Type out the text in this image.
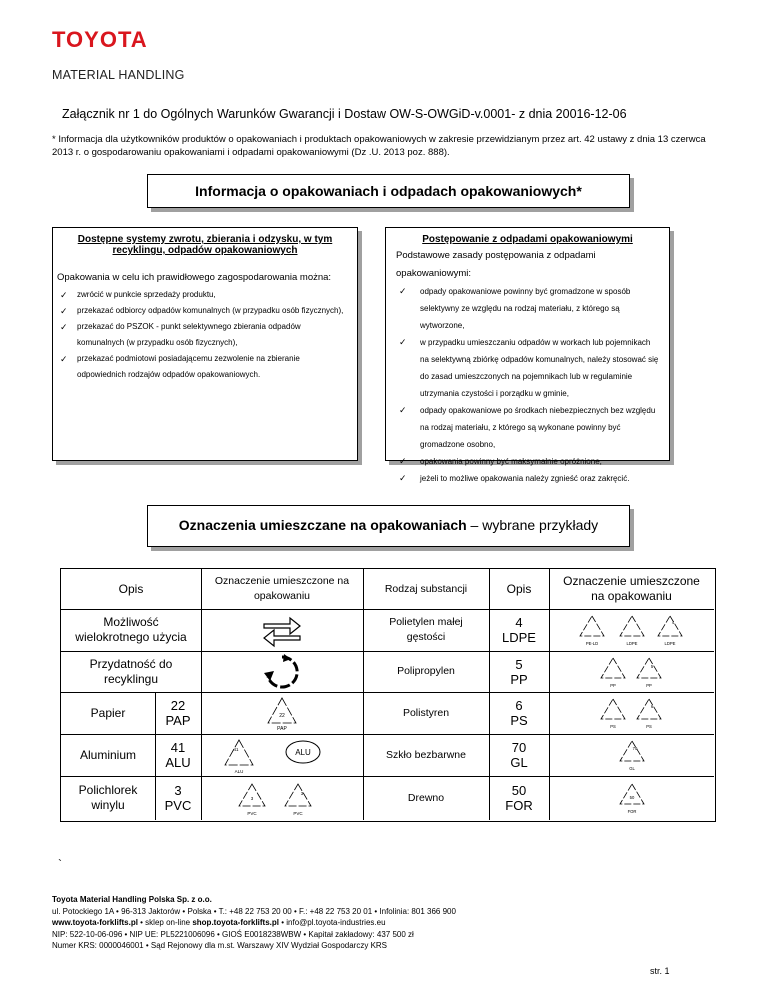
TOYOTA
MATERIAL HANDLING
Załącznik nr 1 do Ogólnych Warunków Gwarancji i Dostaw OW-S-OWGiD-v.0001- z dnia 20016-12-06
* Informacja dla użytkowników produktów o opakowaniach i produktach opakowaniowych w zakresie przewidzianym przez art. 42 ustawy z dnia 13 czerwca 2013 r. o gospodarowaniu opakowaniami i odpadami opakowaniowymi (Dz .U. 2013 poz. 888).
Informacja o opakowaniach i odpadach opakowaniowych*
Dostępne systemy zwrotu, zbierania i odzysku, w tym recyklingu, odpadów opakowaniowych
Opakowania w celu ich prawidłowego zagospodarowania można:
✓ zwrócić w punkcie sprzedaży produktu,
✓ przekazać odbiorcy odpadów komunalnych (w przypadku osób fizycznych),
✓ przekazać do PSZOK - punkt selektywnego zbierania odpadów komunalnych (w przypadku osób fizycznych),
✓ przekazać podmiotowi posiadającemu zezwolenie na zbieranie odpowiednich rodzajów odpadów opakowaniowych.
Postępowanie z odpadami opakowaniowymi
Podstawowe zasady postępowania z odpadami opakowaniowymi:
✓ odpady opakowaniowe powinny być gromadzone w sposób selektywny ze względu na rodzaj materiału, z którego są wytworzone,
✓ w przypadku umieszczaniu odpadów w workach lub pojemnikach na selektywną zbiórkę odpadów komunalnych, należy stosować się do zasad umieszczonych na pojemnikach lub w regulaminie utrzymania czystości i porządku w gminie,
✓ odpady opakowaniowe po środkach niebezpiecznych bez względu na rodzaj materiału, z którego są wykonane powinny być gromadzone osobno,
✓ opakowania powinny być maksymalnie opróżnione,
✓ jeżeli to możliwe opakowania należy zgnieść oraz zakręcić.
Oznaczenia umieszczane na opakowaniach – wybrane przykłady
Opis
Oznaczenie umieszczone na opakowaniu
Rodzaj substancji	Opis
Oznaczenie umieszczone na opakowaniu
Możliwość wielokrotnego użycia
Przydatność do recyklingu
Papier
Aluminium
Polichlorek winylu
22
PAP
41
ALU
3
PVC
22
PAP
41
ALU
ALU
3
PVC
3
PVC
Polietylen małej gęstości
Polipropylen
Polistyren
Szkło bezbarwne
Drewno
4
LDPE
5
PP
6
PS
70
GL
50
FOR
PE-LD	LDPE
4
LDPE
PP
5
PP
PS
6
PS
70
GL
50
FOR
`
Toyota Material Handling Polska Sp. z o.o.
ul. Potockiego 1A • 96-313 Jaktorów • Polska • T.: +48 22 753 20 00 • F.: +48 22 753 20 01 • Infolinia: 801 366 900
www.toyota-forklifts.pl • sklep on-line shop.toyota-forklifts.pl • info@pl.toyota-industries.eu
NIP: 522-10-06-096 • NIP UE: PL5221006096 • GIOŚ E0018238WBW • Kapitał zakładowy: 437 500 zł
Numer KRS: 0000046001 • Sąd Rejonowy dla m.st. Warszawy XIV Wydział Gospodarczy KRS
str. 1
